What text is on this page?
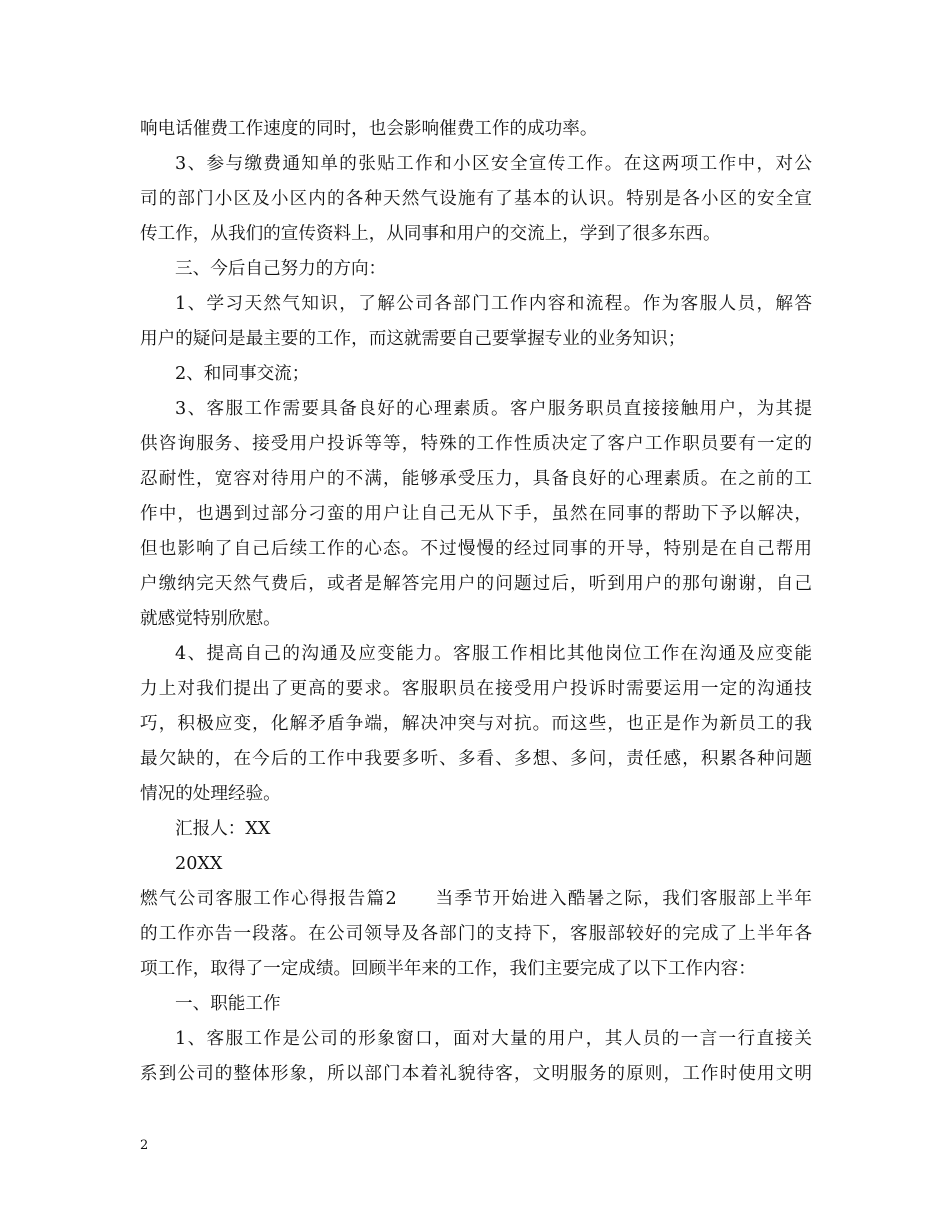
响电话催费工作速度的同时，也会影响催费工作的成功率。
3、参与缴费通知单的张贴工作和小区安全宣传工作。在这两项工作中，对公
司的部门小区及小区内的各种天然气设施有了基本的认识。特别是各小区的安全宣
传工作，从我们的宣传资料上，从同事和用户的交流上，学到了很多东西。
三、今后自己努力的方向：
1、学习天然气知识，了解公司各部门工作内容和流程。作为客服人员，解答
用户的疑问是最主要的工作，而这就需要自己要掌握专业的业务知识；
2、和同事交流；
3、客服工作需要具备良好的心理素质。客户服务职员直接接触用户，为其提
供咨询服务、接受用户投诉等等，特殊的工作性质决定了客户工作职员要有一定的
忍耐性，宽容对待用户的不满，能够承受压力，具备良好的心理素质。在之前的工
作中，也遇到过部分刁蛮的用户让自己无从下手，虽然在同事的帮助下予以解决，
但也影响了自己后续工作的心态。不过慢慢的经过同事的开导，特别是在自己帮用
户缴纳完天然气费后，或者是解答完用户的问题过后，听到用户的那句谢谢，自己
就感觉特别欣慰。
4、提高自己的沟通及应变能力。客服工作相比其他岗位工作在沟通及应变能
力上对我们提出了更高的要求。客服职员在接受用户投诉时需要运用一定的沟通技
巧，积极应变，化解矛盾争端，解决冲突与对抗。而这些，也正是作为新员工的我
最欠缺的，在今后的工作中我要多听、多看、多想、多问，责任感，积累各种问题
情况的处理经验。
汇报人：XX
20XX
燃气公司客服工作心得报告篇2　　当季节开始进入酷暑之际，我们客服部上半年
的工作亦告一段落。在公司领导及各部门的支持下，客服部较好的完成了上半年各
项工作，取得了一定成绩。回顾半年来的工作，我们主要完成了以下工作内容：
一、职能工作
1、客服工作是公司的形象窗口，面对大量的用户，其人员的一言一行直接关
系到公司的整体形象，所以部门本着礼貌待客，文明服务的原则，工作时使用文明
2
